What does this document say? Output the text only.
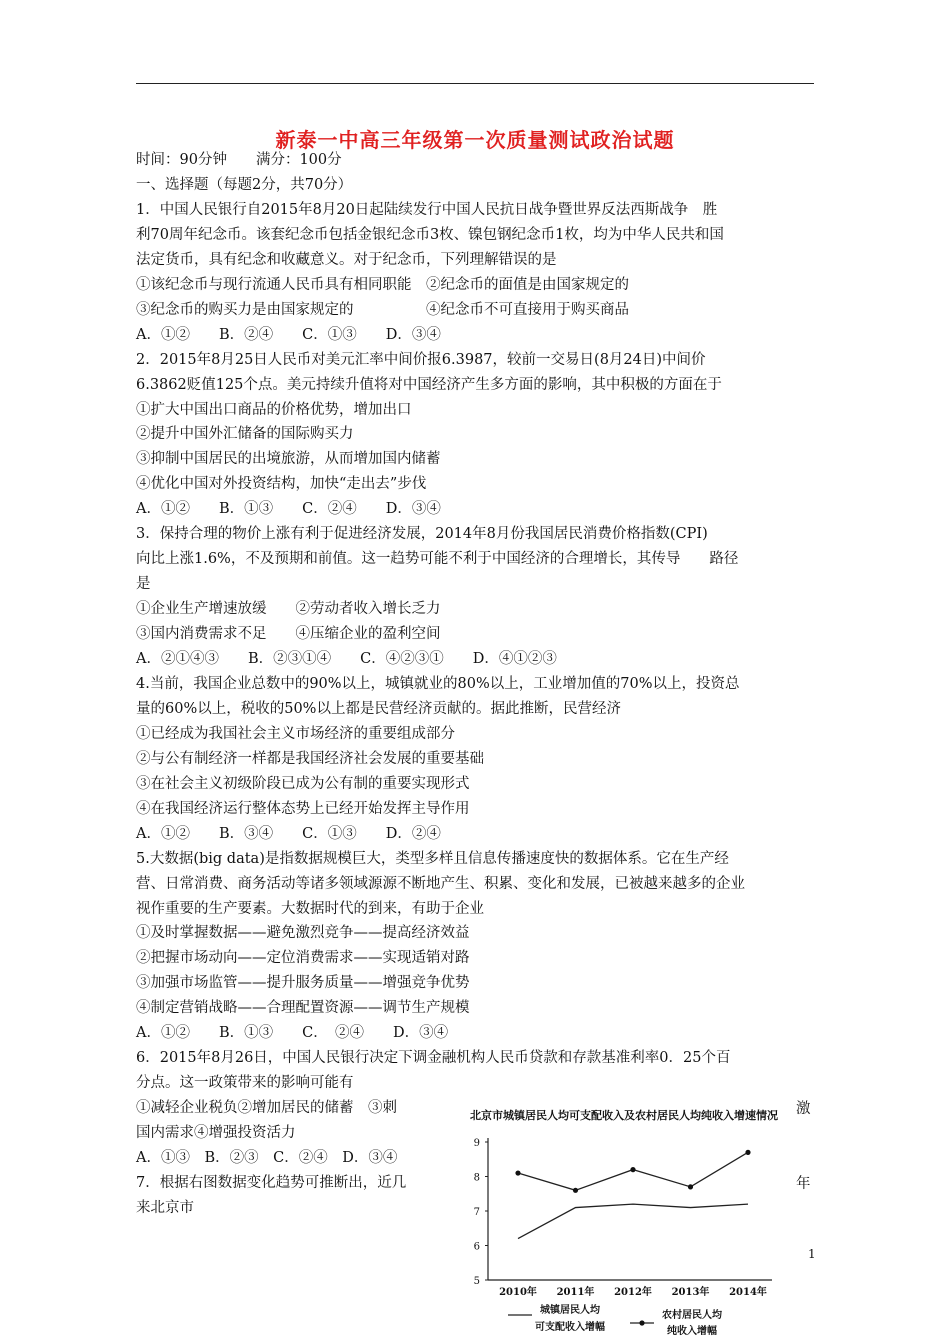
新泰一中高三年级第一次质量测试政治试题
时间：90分钟　　满分：100分
一、选择题（每题2分，共70分）
1．中国人民银行自2015年8月20日起陆续发行中国人民抗日战争暨世界反法西斯战争　胜
利70周年纪念币。该套纪念币包括金银纪念币3枚、镍包钢纪念币1枚，均为中华人民共和国
法定货币，具有纪念和收藏意义。对于纪念币，下列理解错误的是
①该纪念币与现行流通人民币具有相同职能　②纪念币的面值是由国家规定的
③纪念币的购买力是由国家规定的　　　　　④纪念币不可直接用于购买商品
A．①②　　B．②④　　C．①③　　D．③④
2．2015年8月25日人民币对美元汇率中间价报6.3987，较前一交易日(8月24日)中间价
6.3862贬值125个点。美元持续升值将对中国经济产生多方面的影响，其中积极的方面在于
①扩大中国出口商品的价格优势，增加出口
②提升中国外汇储备的国际购买力
③抑制中国居民的出境旅游，从而增加国内储蓄
④优化中国对外投资结构，加快“走出去”步伐
A．①②　　B．①③　　C．②④　　D．③④
3．保持合理的物价上涨有利于促进经济发展，2014年8月份我国居民消费价格指数(CPI)
向比上涨1.6%，不及预期和前值。这一趋势可能不利于中国经济的合理增长，其传导　　路径
是
①企业生产增速放缓　　②劳动者收入增长乏力
③国内消费需求不足　　④压缩企业的盈利空间
A．②①④③　　B．②③①④　　C．④②③①　　D．④①②③
4.当前，我国企业总数中的90%以上，城镇就业的80%以上，工业增加值的70%以上，投资总
量的60%以上，税收的50%以上都是民营经济贡献的。据此推断，民营经济
①已经成为我国社会主义市场经济的重要组成部分
②与公有制经济一样都是我国经济社会发展的重要基础
③在社会主义初级阶段已成为公有制的重要实现形式
④在我国经济运行整体态势上已经开始发挥主导作用
A．①②　　B．③④　　C．①③　　D．②④
5.大数据(big data)是指数据规模巨大，类型多样且信息传播速度快的数据体系。它在生产经
营、日常消费、商务活动等诸多领域源源不断地产生、积累、变化和发展，已被越来越多的企业
视作重要的生产要素。大数据时代的到来，有助于企业
①及时掌握数据——避免激烈竞争——提高经济效益
②把握市场动向——定位消费需求——实现适销对路
③加强市场监管——提升服务质量——增强竞争优势
④制定营销战略——合理配置资源——调节生产规模
A．①②　　B．①③　　C．　②④　　D．③④
6．2015年8月26日，中国人民银行决定下调金融机构人民币贷款和存款基准利率0．25个百
分点。这一政策带来的影响可能有
①减轻企业税负②增加居民的储蓄　③刺
国内需求④增强投资活力
A．①③　B．②③　C．②④　D．③④
7．根据右图数据变化趋势可推断出，近几
来北京市
激
年
北京市城镇居民人均可支配收入及农村居民人均纯收入增速情况
5
6
7
8
9
2010年 2011年 2012年 2013年 2014年
城镇居民人均
可支配收入增幅
农村居民人均
纯收入增幅
1
